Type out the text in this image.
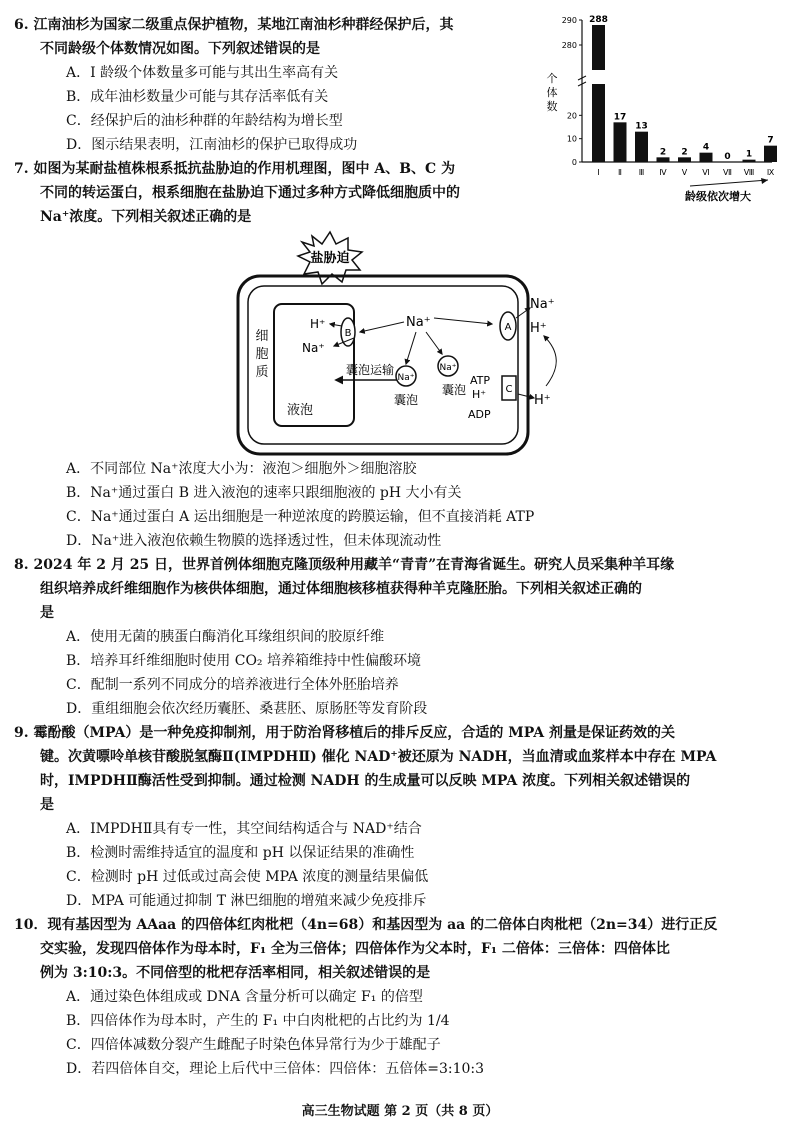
6. 江南油杉为国家二级重点保护植物，某地江南油杉种群经保护后，其
不同龄级个体数情况如图。下列叙述错误的是
A．I 龄级个体数量多可能与其出生率高有关
B．成年油杉数量少可能与其存活率低有关
C．经保护后的油杉种群的年龄结构为增长型
D．图示结果表明，江南油杉的保护已取得成功
290
280
20
10
0
288
Ⅰ
17
Ⅱ
13
Ⅲ
2
Ⅳ
2
Ⅴ
4
Ⅵ
0
Ⅶ
1
Ⅷ
7
Ⅸ
个
体
数
龄级依次增大
7. 如图为某耐盐植株根系抵抗盐胁迫的作用机理图，图中 A、B、C 为
不同的转运蛋白，根系细胞在盐胁迫下通过多种方式降低细胞质中的
Na⁺浓度。下列相关叙述正确的是
盐胁迫
液泡
细
胞
质
B
H⁺
Na⁺
Na⁺
囊泡运输
Na⁺
囊泡
Na⁺
囊泡
A
Na⁺
H⁺
C
ATP
H⁺
ADP
H⁺
A．不同部位 Na⁺浓度大小为：液泡＞细胞外＞细胞溶胶
B．Na⁺通过蛋白 B 进入液泡的速率只跟细胞液的 pH 大小有关
C．Na⁺通过蛋白 A 运出细胞是一种逆浓度的跨膜运输，但不直接消耗 ATP
D．Na⁺进入液泡依赖生物膜的选择透过性，但未体现流动性
8. 2024 年 2 月 25 日，世界首例体细胞克隆顶级种用藏羊“青青”在青海省诞生。研究人员采集种羊耳缘
组织培养成纤维细胞作为核供体细胞，通过体细胞核移植获得种羊克隆胚胎。下列相关叙述正确的
是
A．使用无菌的胰蛋白酶消化耳缘组织间的胶原纤维
B．培养耳纤维细胞时使用 CO₂ 培养箱维持中性偏酸环境
C．配制一系列不同成分的培养液进行全体外胚胎培养
D．重组细胞会依次经历囊胚、桑葚胚、原肠胚等发育阶段
9. 霉酚酸（MPA）是一种免疫抑制剂，用于防治肾移植后的排斥反应，合适的 MPA 剂量是保证药效的关
键。次黄嘌呤单核苷酸脱氢酶Ⅱ(IMPDHⅡ) 催化 NAD⁺被还原为 NADH，当血清或血浆样本中存在 MPA
时，IMPDHⅡ酶活性受到抑制。通过检测 NADH 的生成量可以反映 MPA 浓度。下列相关叙述错误的
是
A．IMPDHⅡ具有专一性，其空间结构适合与 NAD⁺结合
B．检测时需维持适宜的温度和 pH 以保证结果的准确性
C．检测时 pH 过低或过高会使 MPA 浓度的测量结果偏低
D．MPA 可能通过抑制 T 淋巴细胞的增殖来减少免疫排斥
10．现有基因型为 AAaa 的四倍体红肉枇杷（4n=68）和基因型为 aa 的二倍体白肉枇杷（2n=34）进行正反
交实验，发现四倍体作为母本时，F₁ 全为三倍体；四倍体作为父本时，F₁ 二倍体：三倍体：四倍体比
例为 3:10:3。不同倍型的枇杷存活率相同，相关叙述错误的是
A．通过染色体组成或 DNA 含量分析可以确定 F₁ 的倍型
B．四倍体作为母本时，产生的 F₁ 中白肉枇杷的占比约为 1/4
C．四倍体减数分裂产生雌配子时染色体异常行为少于雄配子
D．若四倍体自交，理论上后代中三倍体：四倍体：五倍体=3:10:3
高三生物试题 第 2 页（共 8 页）
